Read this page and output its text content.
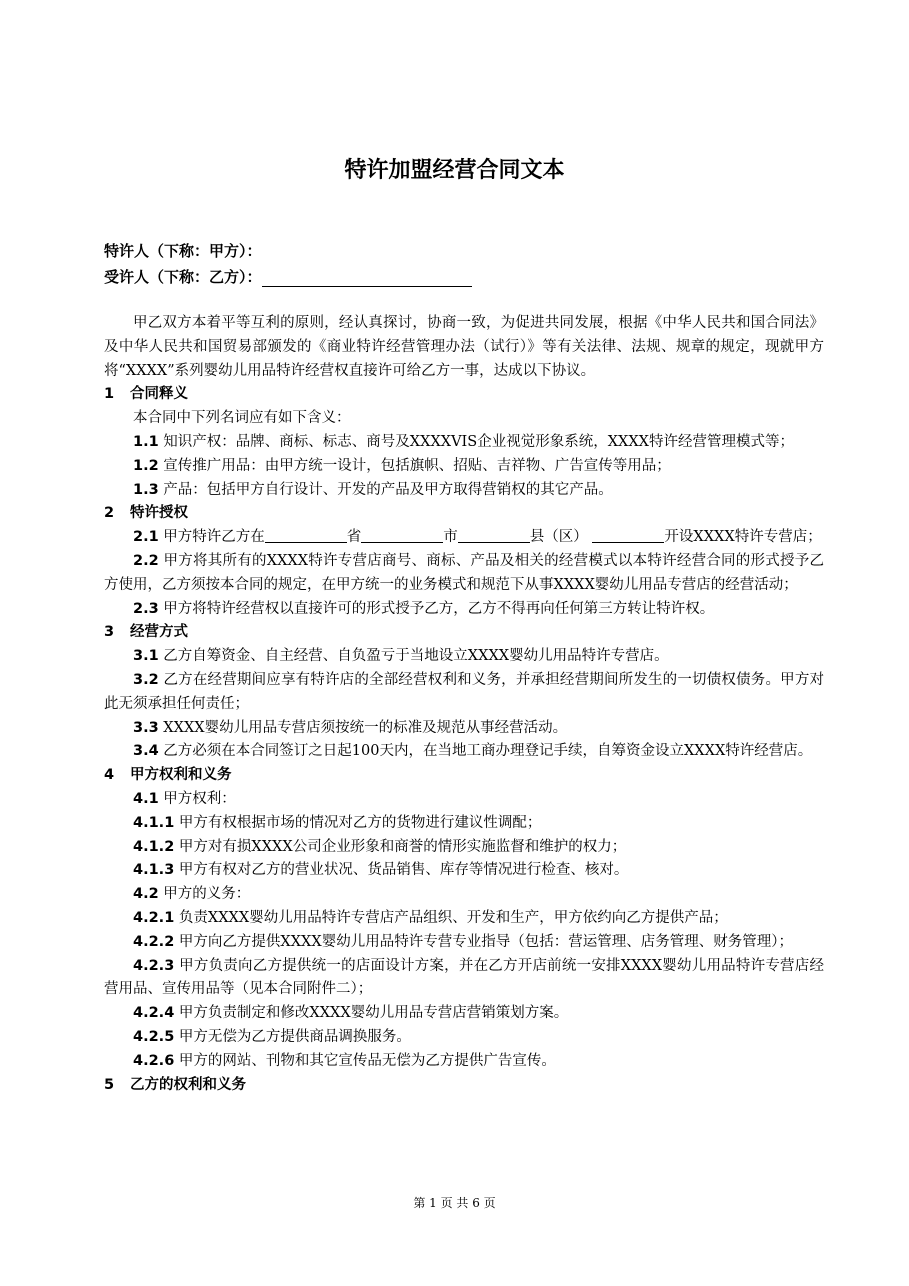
特许加盟经营合同文本
特许人（下称：甲方）：
受许人（下称：乙方）：

甲乙双方本着平等互利的原则，经认真探讨，协商一致，为促进共同发展，根据《中华人民共和国合同法》及中华人民共和国贸易部颁发的《商业特许经营管理办法（试行）》等有关法律、法规、规章的规定，现就甲方将“XXXX”系列婴幼儿用品特许经营权直接许可给乙方一事，达成以下协议。

1 合同释义

本合同中下列名词应有如下含义：

1.1 知识产权：品牌、商标、标志、商号及XXXXVIS企业视觉形象系统，XXXX特许经营管理模式等；

1.2 宣传推广用品：由甲方统一设计，包括旗帜、招贴、吉祥物、广告宣传等用品；

1.3 产品：包括甲方自行设计、开发的产品及甲方取得营销权的其它产品。

2 特许授权

2.1 甲方特许乙方在	省	市	县（区）	开设XXXX特许专营店；

2.2 甲方将其所有的XXXX特许专营店商号、商标、产品及相关的经营模式以本特许经营合同的形式授予乙方使用，乙方须按本合同的规定，在甲方统一的业务模式和规范下从事XXXX婴幼儿用品专营店的经营活动；

2.3 甲方将特许经营权以直接许可的形式授予乙方，乙方不得再向任何第三方转让特许权。

3 经营方式

3.1 乙方自筹资金、自主经营、自负盈亏于当地设立XXXX婴幼儿用品特许专营店。

3.2 乙方在经营期间应享有特许店的全部经营权利和义务，并承担经营期间所发生的一切债权债务。甲方对此无须承担任何责任；

3.3 XXXX婴幼儿用品专营店须按统一的标准及规范从事经营活动。

3.4 乙方必须在本合同签订之日起100天内，在当地工商办理登记手续，自筹资金设立XXXX特许经营店。

4 甲方权利和义务

4.1 甲方权利：

4.1.1 甲方有权根据市场的情况对乙方的货物进行建议性调配；

4.1.2 甲方对有损XXXX公司企业形象和商誉的情形实施监督和维护的权力；

4.1.3 甲方有权对乙方的营业状况、货品销售、库存等情况进行检查、核对。

4.2 甲方的义务：

4.2.1 负责XXXX婴幼儿用品特许专营店产品组织、开发和生产，甲方依约向乙方提供产品；

4.2.2 甲方向乙方提供XXXX婴幼儿用品特许专营专业指导（包括：营运管理、店务管理、财务管理）；

4.2.3 甲方负责向乙方提供统一的店面设计方案，并在乙方开店前统一安排XXXX婴幼儿用品特许专营店经营用品、宣传用品等（见本合同附件二）；

4.2.4 甲方负责制定和修改XXXX婴幼儿用品专营店营销策划方案。

4.2.5 甲方无偿为乙方提供商品调换服务。

4.2.6 甲方的网站、刊物和其它宣传品无偿为乙方提供广告宣传。

5 乙方的权利和义务

第 1 页 共 6 页
